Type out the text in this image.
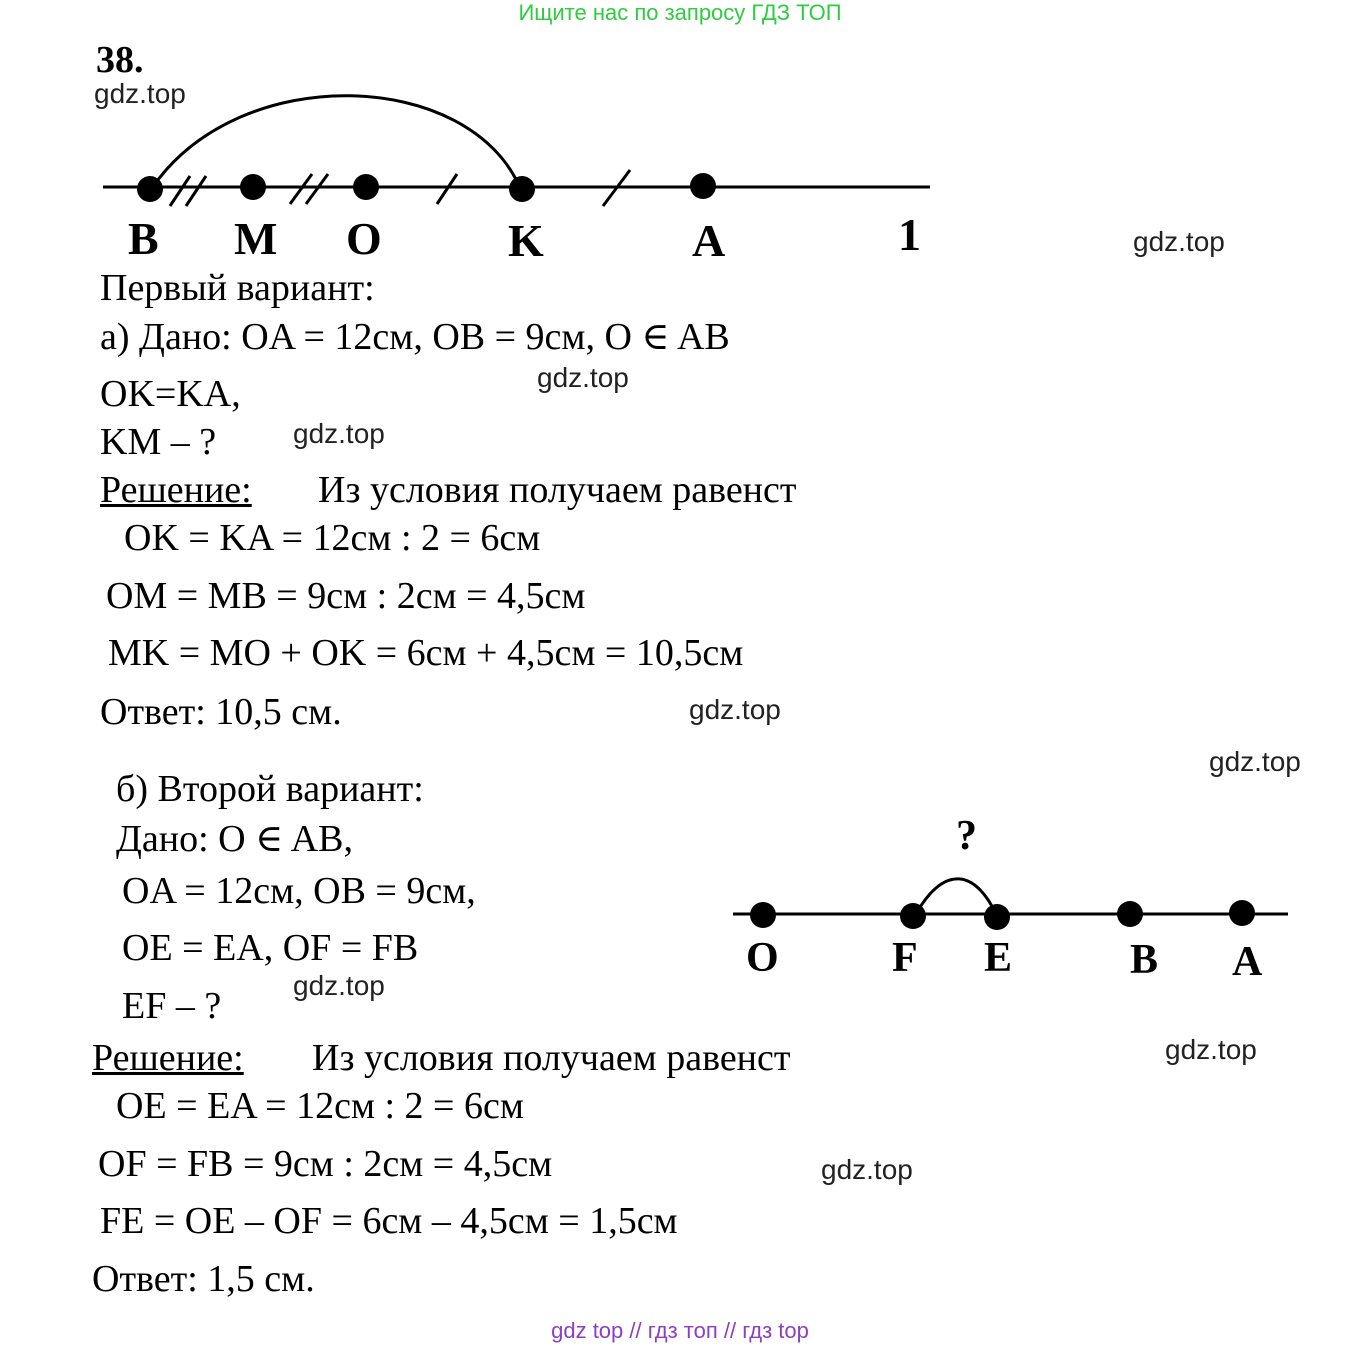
Ищите нас по запросу ГДЗ ТОП
gdz top // гдз топ // гдз top
38.
B M O	K	A	1
Первый вариант:
а) Дано: OA = 12см, OB = 9см, O ∈ AB
OK=KA,
KM – ?
Решение: Из условия получаем равенст
OK = KA = 12см : 2 = 6см
OM = MB = 9см : 2см = 4,5см
MK = MO + OK = 6см + 4,5см = 10,5см
Ответ: 10,5 см.
б) Второй вариант:
Дано: O ∈ AB,
OA = 12см, OB = 9см,
OE = EA, OF = FB
EF – ?
Решение: Из условия получаем равенст
OE = EA = 12см : 2 = 6см
OF = FB = 9см : 2см = 4,5см
FE = OE – OF = 6см – 4,5см = 1,5см
Ответ: 1,5 см.
?
O	F E	B A
gdz.top
gdz.top
gdz.top
gdz.top
gdz.top
gdz.top
gdz.top
gdz.top
gdz.top
